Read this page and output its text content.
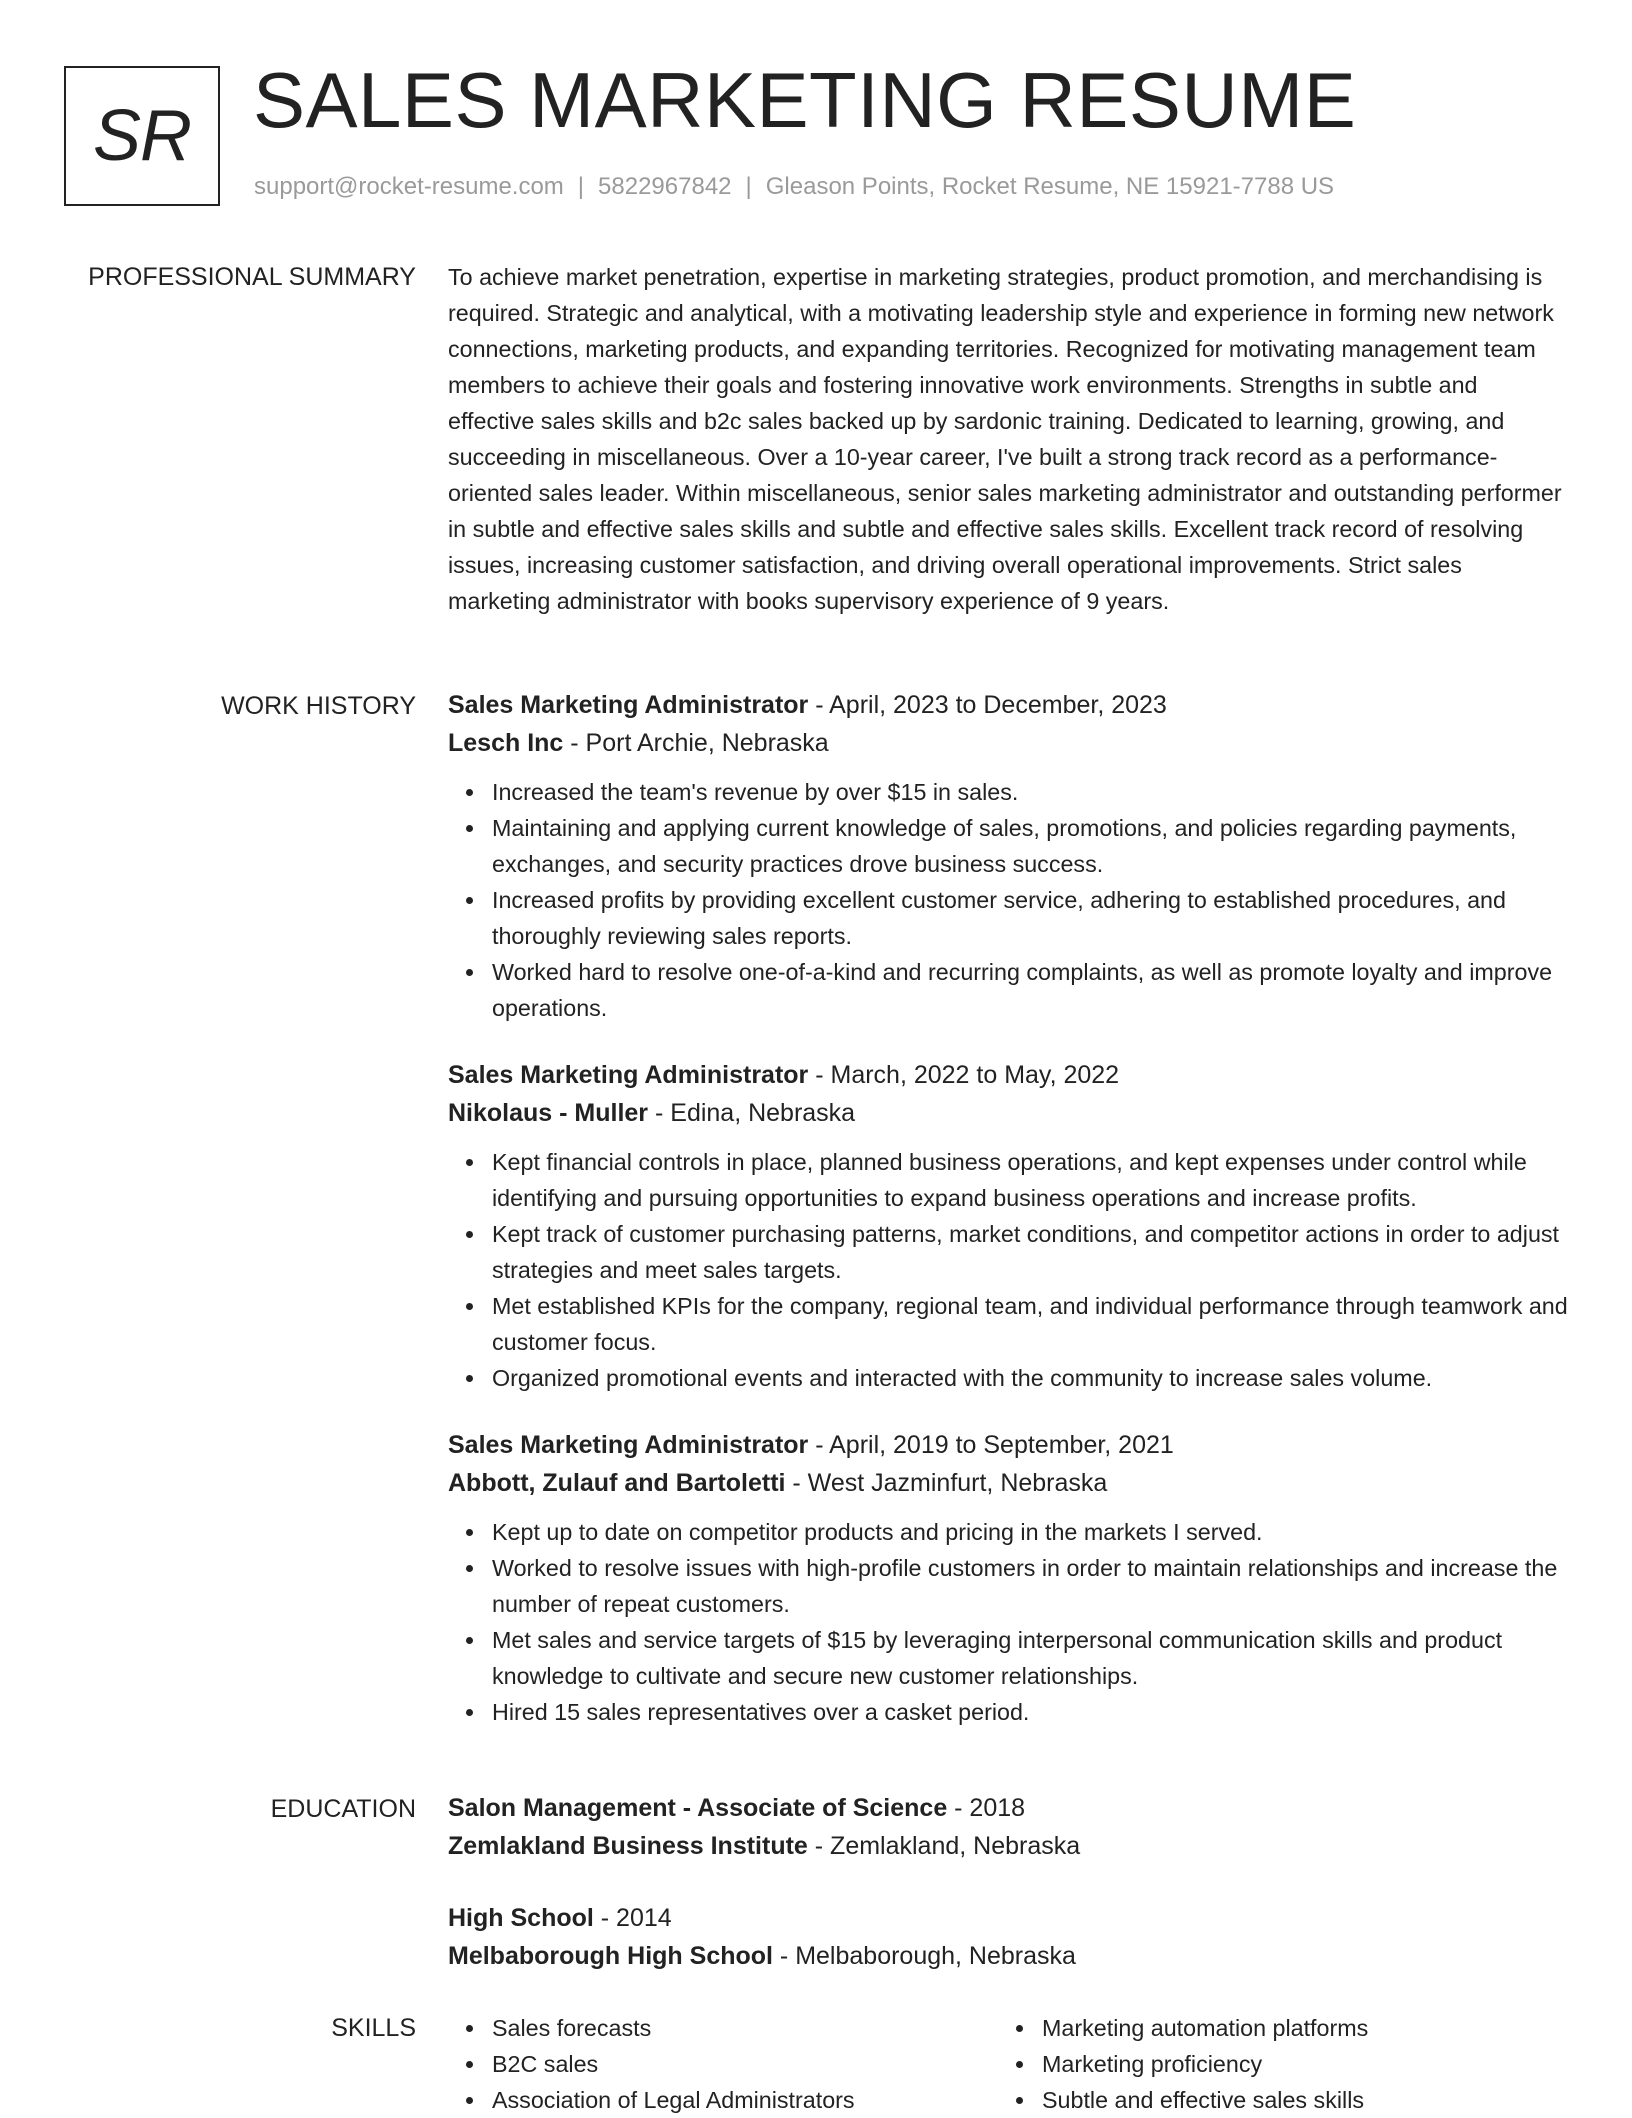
SR SALES MARKETING RESUME
support@rocket-resume.com | 5822967842 | Gleason Points, Rocket Resume, NE 15921-7788 US
PROFESSIONAL SUMMARY To achieve market penetration, expertise in marketing strategies, product promotion, and merchandising is required. Strategic and analytical, with a motivating leadership style and experience in forming new network connections, marketing products, and expanding territories. Recognized for motivating management team members to achieve their goals and fostering innovative work environments. Strengths in subtle and effective sales skills and b2c sales backed up by sardonic training. Dedicated to learning, growing, and succeeding in miscellaneous. Over a 10-year career, I've built a strong track record as a performance-oriented sales leader. Within miscellaneous, senior sales marketing administrator and outstanding performer in subtle and effective sales skills and subtle and effective sales skills. Excellent track record of resolving issues, increasing customer satisfaction, and driving overall operational improvements. Strict sales marketing administrator with books supervisory experience of 9 years.

WORK HISTORY Sales Marketing Administrator - April, 2023 to December, 2023
Lesch Inc - Port Archie, Nebraska
Increased the team's revenue by over $15 in sales.
Maintaining and applying current knowledge of sales, promotions, and policies regarding payments, exchanges, and security practices drove business success.
Increased profits by providing excellent customer service, adhering to established procedures, and thoroughly reviewing sales reports.
Worked hard to resolve one-of-a-kind and recurring complaints, as well as promote loyalty and improve operations.
Sales Marketing Administrator - March, 2022 to May, 2022
Nikolaus - Muller - Edina, Nebraska
Kept financial controls in place, planned business operations, and kept expenses under control while identifying and pursuing opportunities to expand business operations and increase profits.
Kept track of customer purchasing patterns, market conditions, and competitor actions in order to adjust strategies and meet sales targets.
Met established KPIs for the company, regional team, and individual performance through teamwork and customer focus.
Organized promotional events and interacted with the community to increase sales volume.
Sales Marketing Administrator - April, 2019 to September, 2021
Abbott, Zulauf and Bartoletti - West Jazminfurt, Nebraska
Kept up to date on competitor products and pricing in the markets I served.
Worked to resolve issues with high-profile customers in order to maintain relationships and increase the number of repeat customers.
Met sales and service targets of $15 by leveraging interpersonal communication skills and product knowledge to cultivate and secure new customer relationships.
Hired 15 sales representatives over a casket period.
EDUCATION Salon Management - Associate of Science - 2018
Zemlakland Business Institute - Zemlakland, Nebraska
High School - 2014
Melbaborough High School - Melbaborough, Nebraska
SKILLS	Sales forecasts
B2C sales
Association of Legal Administrators
Marketing automation platforms
Marketing proficiency
Subtle and effective sales skills
